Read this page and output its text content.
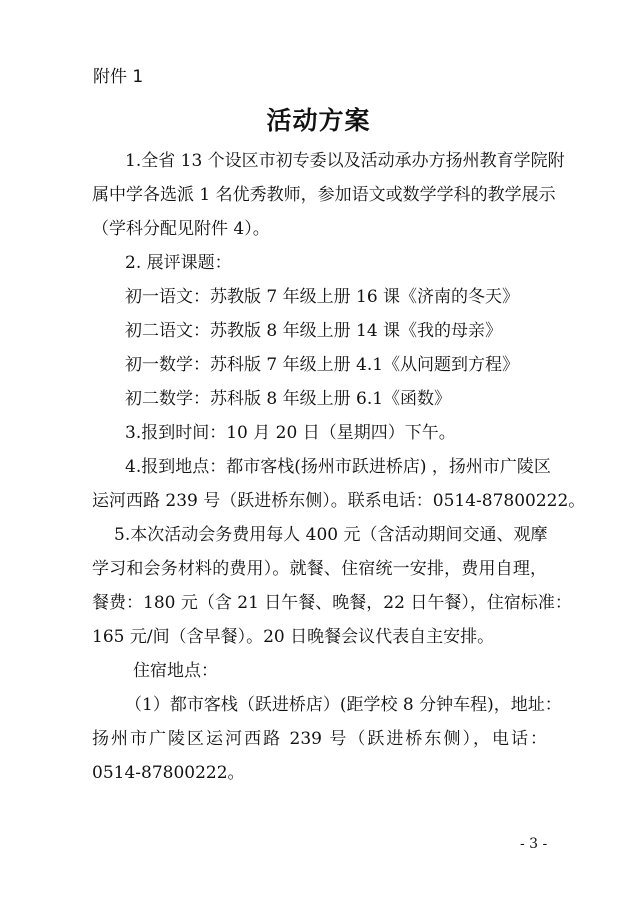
附件 1
活动方案
1.全省 13 个设区市初专委以及活动承办方扬州教育学院附
属中学各选派 1 名优秀教师，参加语文或数学学科的教学展示
（学科分配见附件 4）。
2. 展评课题：
初一语文：苏教版 7 年级上册 16 课《济南的冬天》
初二语文：苏教版 8 年级上册 14 课《我的母亲》
初一数学：苏科版 7 年级上册 4.1《从问题到方程》
初二数学：苏科版 8 年级上册 6.1《函数》
3.报到时间：10 月 20 日（星期四）下午。
4.报到地点：都市客栈(扬州市跃进桥店) ，扬州市广陵区
运河西路 239 号（跃进桥东侧）。联系电话：0514-87800222。
5.本次活动会务费用每人 400 元（含活动期间交通、观摩
学习和会务材料的费用）。就餐、住宿统一安排，费用自理，
餐费：180 元（含 21 日午餐、晚餐，22 日午餐），住宿标准：
165 元/间（含早餐）。20 日晚餐会议代表自主安排。
住宿地点：
（1）都市客栈（跃进桥店）(距学校 8 分钟车程)，地址：
扬州市广陵区运河西路 239 号（跃进桥东侧），电话：
0514-87800222。
- 3 -
